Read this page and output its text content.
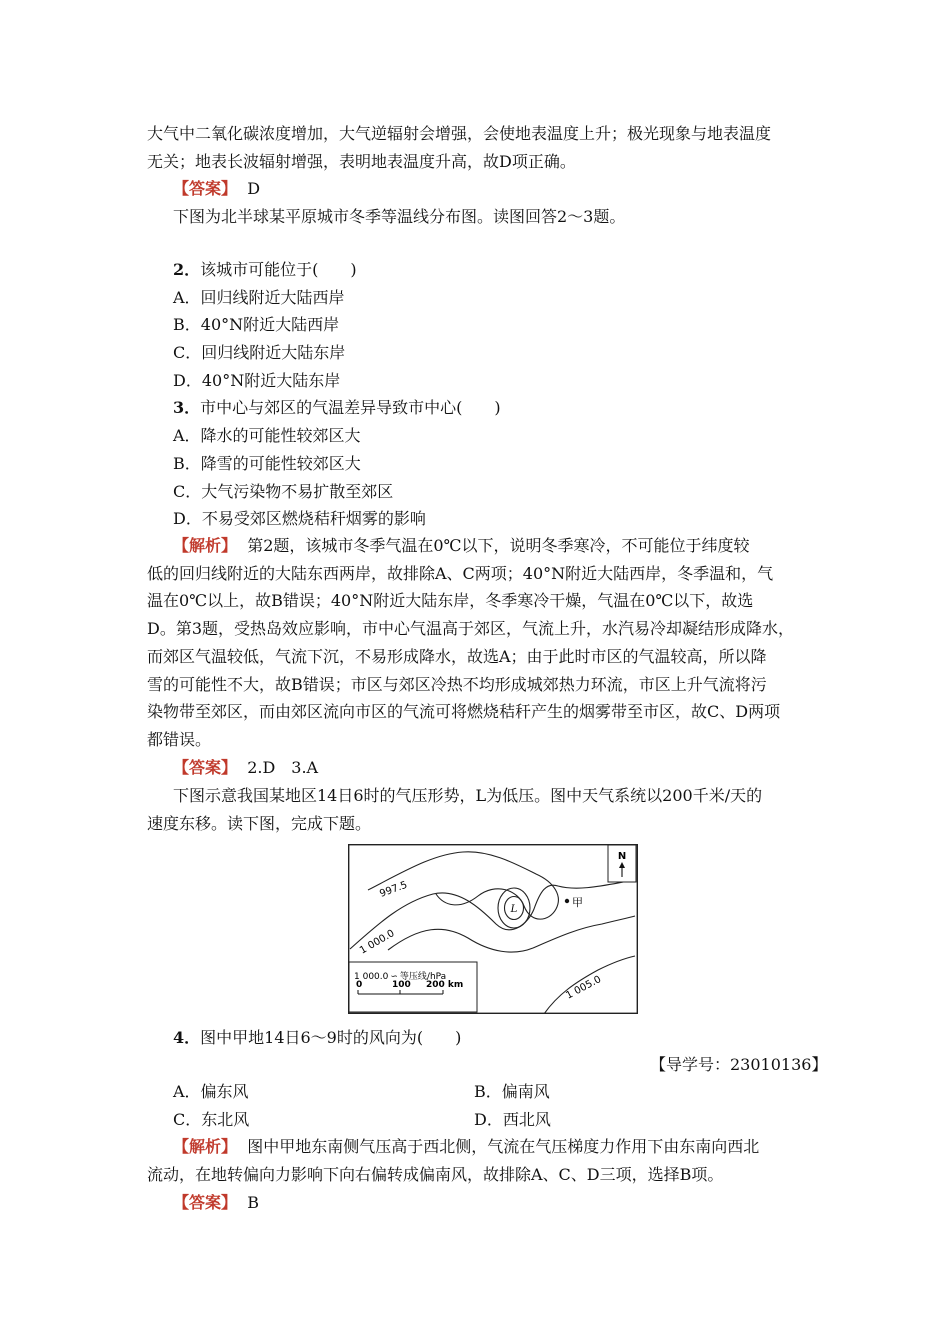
大气中二氧化碳浓度增加，大气逆辐射会增强，会使地表温度上升；极光现象与地表温度
无关；地表长波辐射增强，表明地表温度升高，故D项正确。
【答案】 D
下图为北半球某平原城市冬季等温线分布图。读图回答2～3题。
2．该城市可能位于(　　)
A．回归线附近大陆西岸
B．40°N附近大陆西岸
C．回归线附近大陆东岸
D．40°N附近大陆东岸
3．市中心与郊区的气温差异导致市中心(　　)
A．降水的可能性较郊区大
B．降雪的可能性较郊区大
C．大气污染物不易扩散至郊区
D．不易受郊区燃烧秸秆烟雾的影响
【解析】 第2题，该城市冬季气温在0℃以下，说明冬季寒冷，不可能位于纬度较
低的回归线附近的大陆东西两岸，故排除A、C两项；40°N附近大陆西岸，冬季温和，气
温在0℃以上，故B错误；40°N附近大陆东岸，冬季寒冷干燥，气温在0℃以下，故选
D。第3题，受热岛效应影响，市中心气温高于郊区，气流上升，水汽易冷却凝结形成降水，
而郊区气温较低，气流下沉，不易形成降水，故选A；由于此时市区的气温较高，所以降
雪的可能性不大，故B错误；市区与郊区冷热不均形成城郊热力环流，市区上升气流将污
染物带至郊区，而由郊区流向市区的气流可将燃烧秸秆产生的烟雾带至市区，故C、D两项
都错误。
【答案】 2.D　3.A
下图示意我国某地区14日6时的气压形势，L为低压。图中天气系统以200千米/天的
速度东移。读下图，完成下题。
L
甲
997.5
1 000.0
1 005.0
N
1 000.0 ∽ 等压线/hPa
0	100 200 km
4．图中甲地14日6～9时的风向为(　　)
【导学号：23010136】
A．偏东风	B．偏南风
C．东北风	D．西北风
【解析】 图中甲地东南侧气压高于西北侧，气流在气压梯度力作用下由东南向西北
流动，在地转偏向力影响下向右偏转成偏南风，故排除A、C、D三项，选择B项。
【答案】 B
